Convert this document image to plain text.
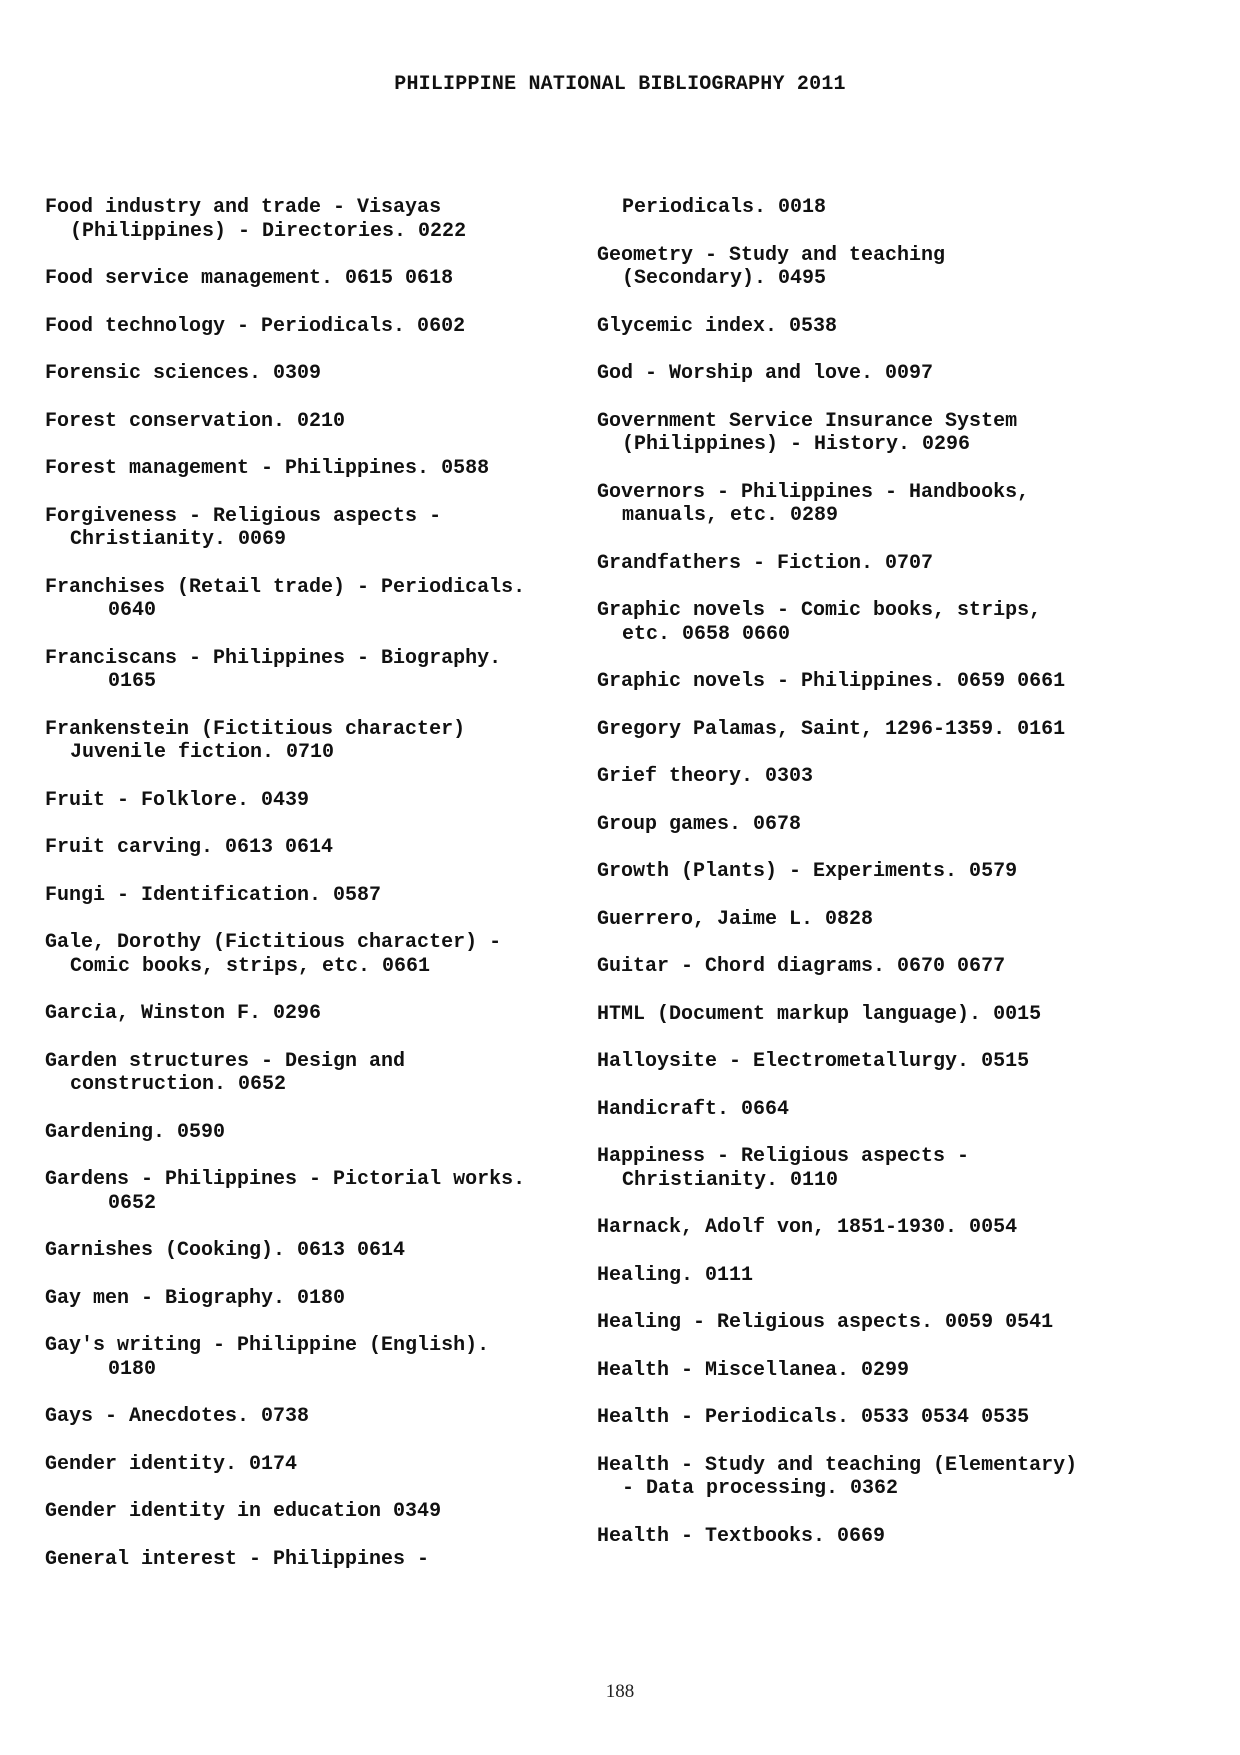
PHILIPPINE NATIONAL BIBLIOGRAPHY 2011
Food industry and trade - Visayas
(Philippines) - Directories. 0222
Food service management. 0615 0618
Food technology - Periodicals. 0602
Forensic sciences. 0309
Forest conservation. 0210
Forest management - Philippines. 0588
Forgiveness - Religious aspects -
Christianity. 0069
Franchises (Retail trade) - Periodicals.
0640
Franciscans - Philippines - Biography.
0165
Frankenstein (Fictitious character)
Juvenile fiction. 0710
Fruit - Folklore. 0439
Fruit carving. 0613 0614
Fungi - Identification. 0587
Gale, Dorothy (Fictitious character) -
Comic books, strips, etc. 0661
Garcia, Winston F. 0296
Garden structures - Design and
construction. 0652
Gardening. 0590
Gardens - Philippines - Pictorial works.
0652
Garnishes (Cooking). 0613 0614
Gay men - Biography. 0180
Gay's writing - Philippine (English).
0180
Gays - Anecdotes. 0738
Gender identity. 0174
Gender identity in education 0349
General interest - Philippines -
Periodicals. 0018
Geometry - Study and teaching
(Secondary). 0495
Glycemic index. 0538
God - Worship and love. 0097
Government Service Insurance System
(Philippines) - History. 0296
Governors - Philippines - Handbooks,
manuals, etc. 0289
Grandfathers - Fiction. 0707
Graphic novels - Comic books, strips,
etc. 0658 0660
Graphic novels - Philippines. 0659 0661
Gregory Palamas, Saint, 1296-1359. 0161
Grief theory. 0303
Group games. 0678
Growth (Plants) - Experiments. 0579
Guerrero, Jaime L. 0828
Guitar - Chord diagrams. 0670 0677
HTML (Document markup language). 0015
Halloysite - Electrometallurgy. 0515
Handicraft. 0664
Happiness - Religious aspects -
Christianity. 0110
Harnack, Adolf von, 1851-1930. 0054
Healing. 0111
Healing - Religious aspects. 0059 0541
Health - Miscellanea. 0299
Health - Periodicals. 0533 0534 0535
Health - Study and teaching (Elementary)
- Data processing. 0362
Health - Textbooks. 0669
188
